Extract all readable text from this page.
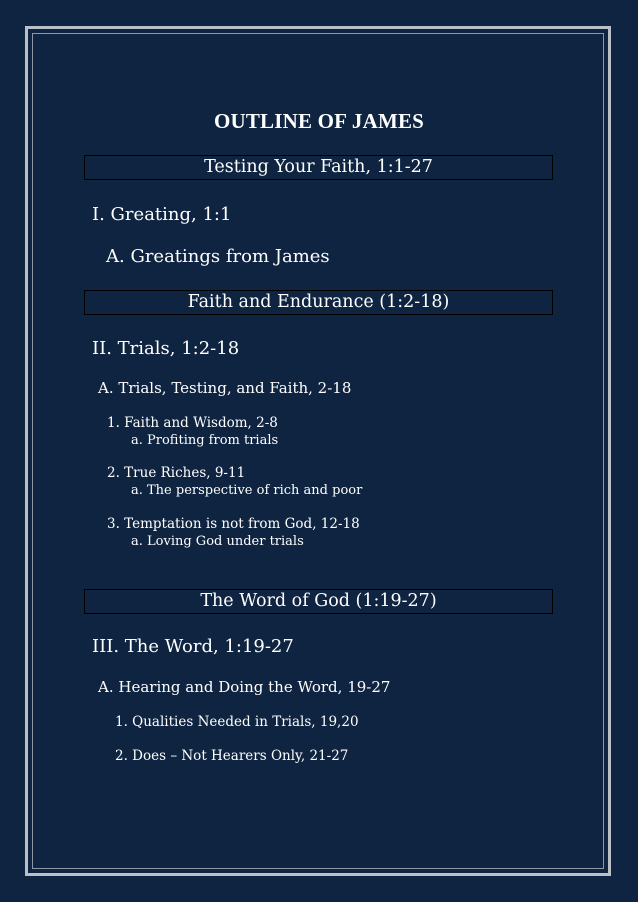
OUTLINE OF JAMES
Testing Your Faith, 1:1-27
I. Greating, 1:1
A. Greatings from James
Faith and Endurance (1:2-18)
II. Trials, 1:2-18
A. Trials, Testing, and Faith, 2-18
1. Faith and Wisdom, 2-8
a. Profiting from trials
2. True Riches, 9-11
a. The perspective of rich and poor
3. Temptation is not from God, 12-18
a. Loving God under trials
The Word of God (1:19-27)
III. The Word, 1:19-27
A. Hearing and Doing the Word, 19-27
1. Qualities Needed in Trials, 19,20
2. Does – Not Hearers Only, 21-27
